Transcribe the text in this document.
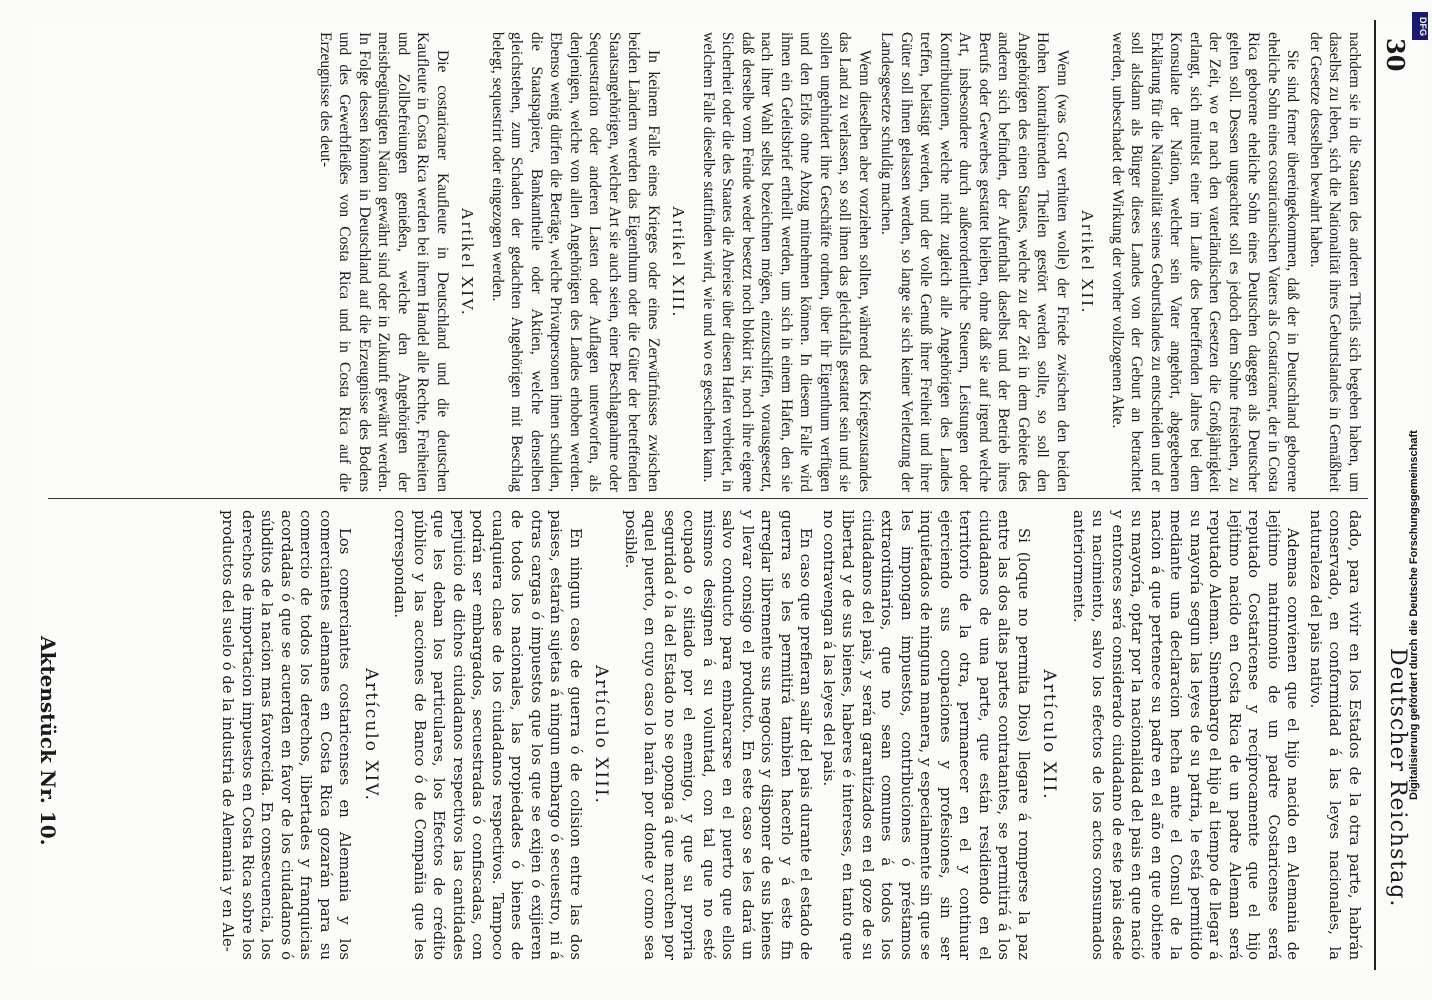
30
Deutscher Reichstag.

nachdem sie in die Staaten des anderen Theils sich begeben haben, um daselbst zu leben, sich die Nationalität ihres Geburtslandes in Gemäßheit der Gesetze desselben bewahrt haben.

Sie sind ferner übereingekommen, daß der in Deutschland geborene eheliche Sohn eines costaricanischen Vaters als Costaricaner, der in Costa Rica geborene eheliche Sohn eines Deutschen dagegen als Deutscher gelten soll. Dessen ungeachtet soll es jedoch dem Sohne freistehen, zu der Zeit, wo er nach den vaterländischen Gesetzen die Großjährigkeit erlangt, sich mittelst einer im Laufe des betreffenden Jahres bei dem Konsulate der Nation, welcher sein Vater angehört, abgegebenen Erklärung für die Nationalität seines Geburtslandes zu entscheiden und er soll alsdann als Bürger dieses Landes von der Geburt an betrachtet werden, unbeschadet der Wirkung der vorher vollzogenen Akte.

Artikel XII.

Wenn (was Gott verhüten wolle) der Friede zwischen den beiden Hohen kontrahirenden Theilen gestört werden sollte, so soll den Angehörigen des einen Staates, welche zu der Zeit in dem Gebiete des anderen sich befinden, der Aufenthalt daselbst und der Betrieb ihres Berufs oder Gewerbes gestattet bleiben, ohne daß sie auf irgend welche Art, insbesondere durch außerordentliche Steuern, Leistungen oder Kontributionen, welche nicht zugleich alle Angehörigen des Landes treffen, belästigt werden, und der volle Genuß ihrer Freiheit und ihrer Güter soll ihnen gelassen werden, so lange sie sich keiner Verletzung der Landesgesetze schuldig machen.

Wenn dieselben aber vorziehen sollten, während des Kriegszustandes das Land zu verlassen, so soll ihnen das gleichfalls gestattet sein und sie sollen ungehindert ihre Geschäfte ordnen, über ihr Eigenthum verfügen und den Erlös ohne Abzug mitnehmen können. In diesem Falle wird ihnen ein Geleitsbrief ertheilt werden, um sich in einem Hafen, den sie nach ihrer Wahl selbst bezeichnen mögen, einzuschiffen, vorausgesetzt, daß derselbe vom Feinde weder besetzt noch blokirt ist, noch ihre eigene Sicherheit oder die des Staates die Abreise über diesen Hafen verbietet, in welchem Falle dieselbe stattfinden wird, wie und wo es geschehen kann.

Artikel XIII.

In keinem Falle eines Krieges oder eines Zerwürfnisses zwischen beiden Ländern werden das Eigenthum oder die Güter der betreffenden Staatsangehörigen, welcher Art sie auch seien, einer Beschlagnahme oder Sequestration oder anderen Lasten oder Auflagen unterworfen, als denjenigen, welche von allen Angehörigen des Landes erhoben werden. Ebenso wenig dürfen die Beträge, welche Privatpersonen ihnen schulden, die Staatspapiere, Bankantheile oder Aktien, welche denselben gleichstehen, zum Schaden der gedachten Angehörigen mit Beschlag belegt, sequestrirt oder eingezogen werden.

Artikel XIV.

Die costaricaner Kaufleute in Deutschland und die deutschen Kaufleute in Costa Rica werden bei ihrem Handel alle Rechte, Freiheiten und Zollbefreiungen genießen, welche den Angehörigen der meistbegünstigten Nation gewährt sind oder in Zukunft gewährt werden. In Folge dessen können in Deutschland auf die Erzeugnisse des Bodens und des Gewerbfleißes von Costa Rica und in Costa Rica auf die Erzeugnisse des deut-

dado, para vivir en los Estados de la otra parte, habrán conservado, en conformidad á las leyes nacionales, la naturaleza del pais nativo.

Ademas convienen que el hijo nacido en Alemania de lejítimo matrimonio de un padre Costaricense será reputado Costaricense y recíprocamente que el hijo lejítimo nacido en Costa Rica de un padre Aleman será reputado Aleman. Sinembargo el hijo al tiempo de llegar á su mayoría segun las leyes de su patria, le está permitido mediante una declaracion hecha ante el Consul de la nacion á que pertenece su padre en el año en que obtiene su mayoría, optar por la nacionalidad del pais en que nació y entonces será considerado ciudadano de este pais desde su nacimiento, salvo los efectos de los actos consumados anteriormente.

Artículo XII.

Si (loque no permita Dios) llegare á romperse la paz entre las dos altas partes contratantes, se permitirá á los ciudadanos de una parte, que están residiendo en el territorio de la otra, permanecer en el y continuar ejerciendo sus ocupaciones y profesiones, sin ser inquietados de ninguna manera, y especialmente sin que se les impongan impuestos, contribuciones ó préstamos extraordinarios, que no sean comunes á todos los ciudadanos del pais, y serán garantizados en el goze de su libertad y de sus bienes, haberes é intereses, en tanto que no contravengan á las leyes del pais.

En caso que prefieran salir del pais durante el estado de guerra se les permitirá tambien hacerlo y á este fin arreglar libremente sus negocios y disponer de sus bienes y llevar consigo el producto. En este caso se les dará un salvo conducto para embarcarse en el puerto que ellos mismos designen á su voluntad, con tal que no esté ocupado o sitiado por el enemigo, y que su propria seguridad ó la del Estado no se oponga á que marchen por aquel puerto, en cuyo caso lo harán por donde y como sea posible.

Artículo XIII.

En ningun caso de guerra ó de colision entre las dos paises, estarán sujetas á ningun embargo ó secuestro, ni á otras cargas ó impuestos que los que se exijen ó exijieren de todos los nacionales, las propiedades ó bienes de cualquiera clase de los ciudadanos respectivos. Tampoco podrán ser embargados, secuestradas ó confiscadas, con perjuicio de dichos ciudadanos respectivos las cantidades que les deban los particulares, los Efectos de crédito público y las acciones de Banco ó de Compañia que les correspondan.

Artículo XIV.

Los comerciantes costaricenses en Alemania y los comerciantes alemanes en Costa Rica gozarán para su comercio de todos los derechos, libertades y franquicias acordadas ó que se acuerden en favor de los ciudadanos ó súbditos de la nacion mas favorecida. En consecuencia, los derechos de importacion impuestos en Costa Rica sobre los productos del suelo ó de la industria de Alemania y en Ale-

Aktenstück Nr. 10.
DFG
Digitalisierung gefördert durch die Deutsche Forschungsgemeinschaft
